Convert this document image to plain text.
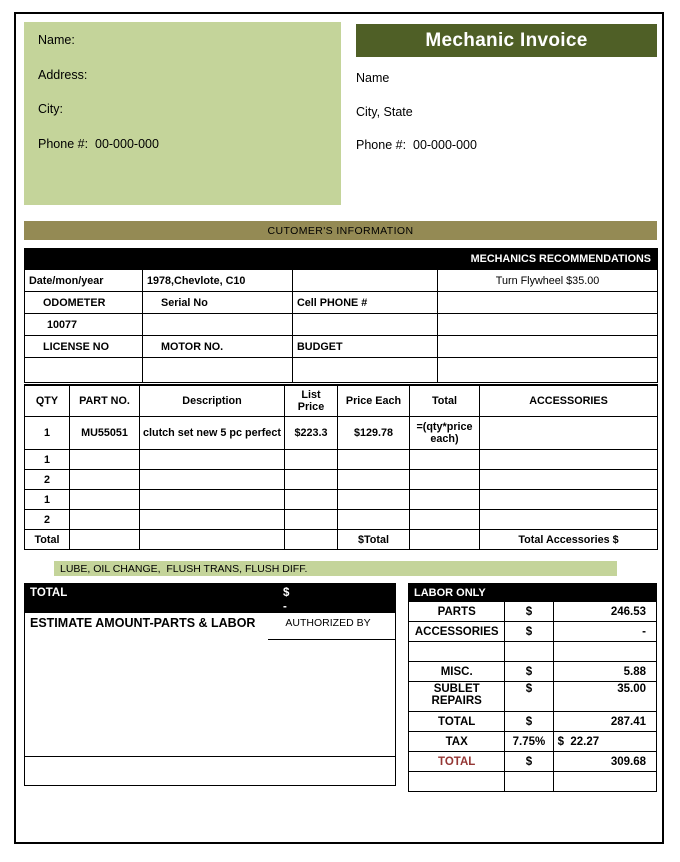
Name:
Address:
City:
Phone #:  00-000-000
Mechanic Invoice
Name
City, State
Phone #:  00-000-000
CUTOMER'S INFORMATION
			MECHANICS RECOMMENDATIONS
Date/mon/year	1978,Chevlote, C10		Turn Flywheel $35.00
ODOMETER	Serial No	Cell PHONE #	
10077			
LICENSE NO	MOTOR NO.	BUDGET	

QTY	PART NO.	Description	List Price	Price Each	Total	ACCESSORIES
1	MU55051	clutch set new 5 pc perfect	$223.3	$129.78	=(qty*price each)	
1						
2						
1						
2						
Total				$Total		Total Accessories $
LUBE, OIL CHANGE,  FLUSH TRANS, FLUSH DIFF.
TOTAL	$
-
ESTIMATE AMOUNT-PARTS & LABOR	AUTHORIZED BY
LABOR ONLY		
PARTS	$	246.53
ACCESSORIES	$	-

MISC.	$	5.88
SUBLET REPAIRS	$	35.00
TOTAL	$	287.41
TAX	7.75%	$ 22.27
TOTAL	$	309.68
